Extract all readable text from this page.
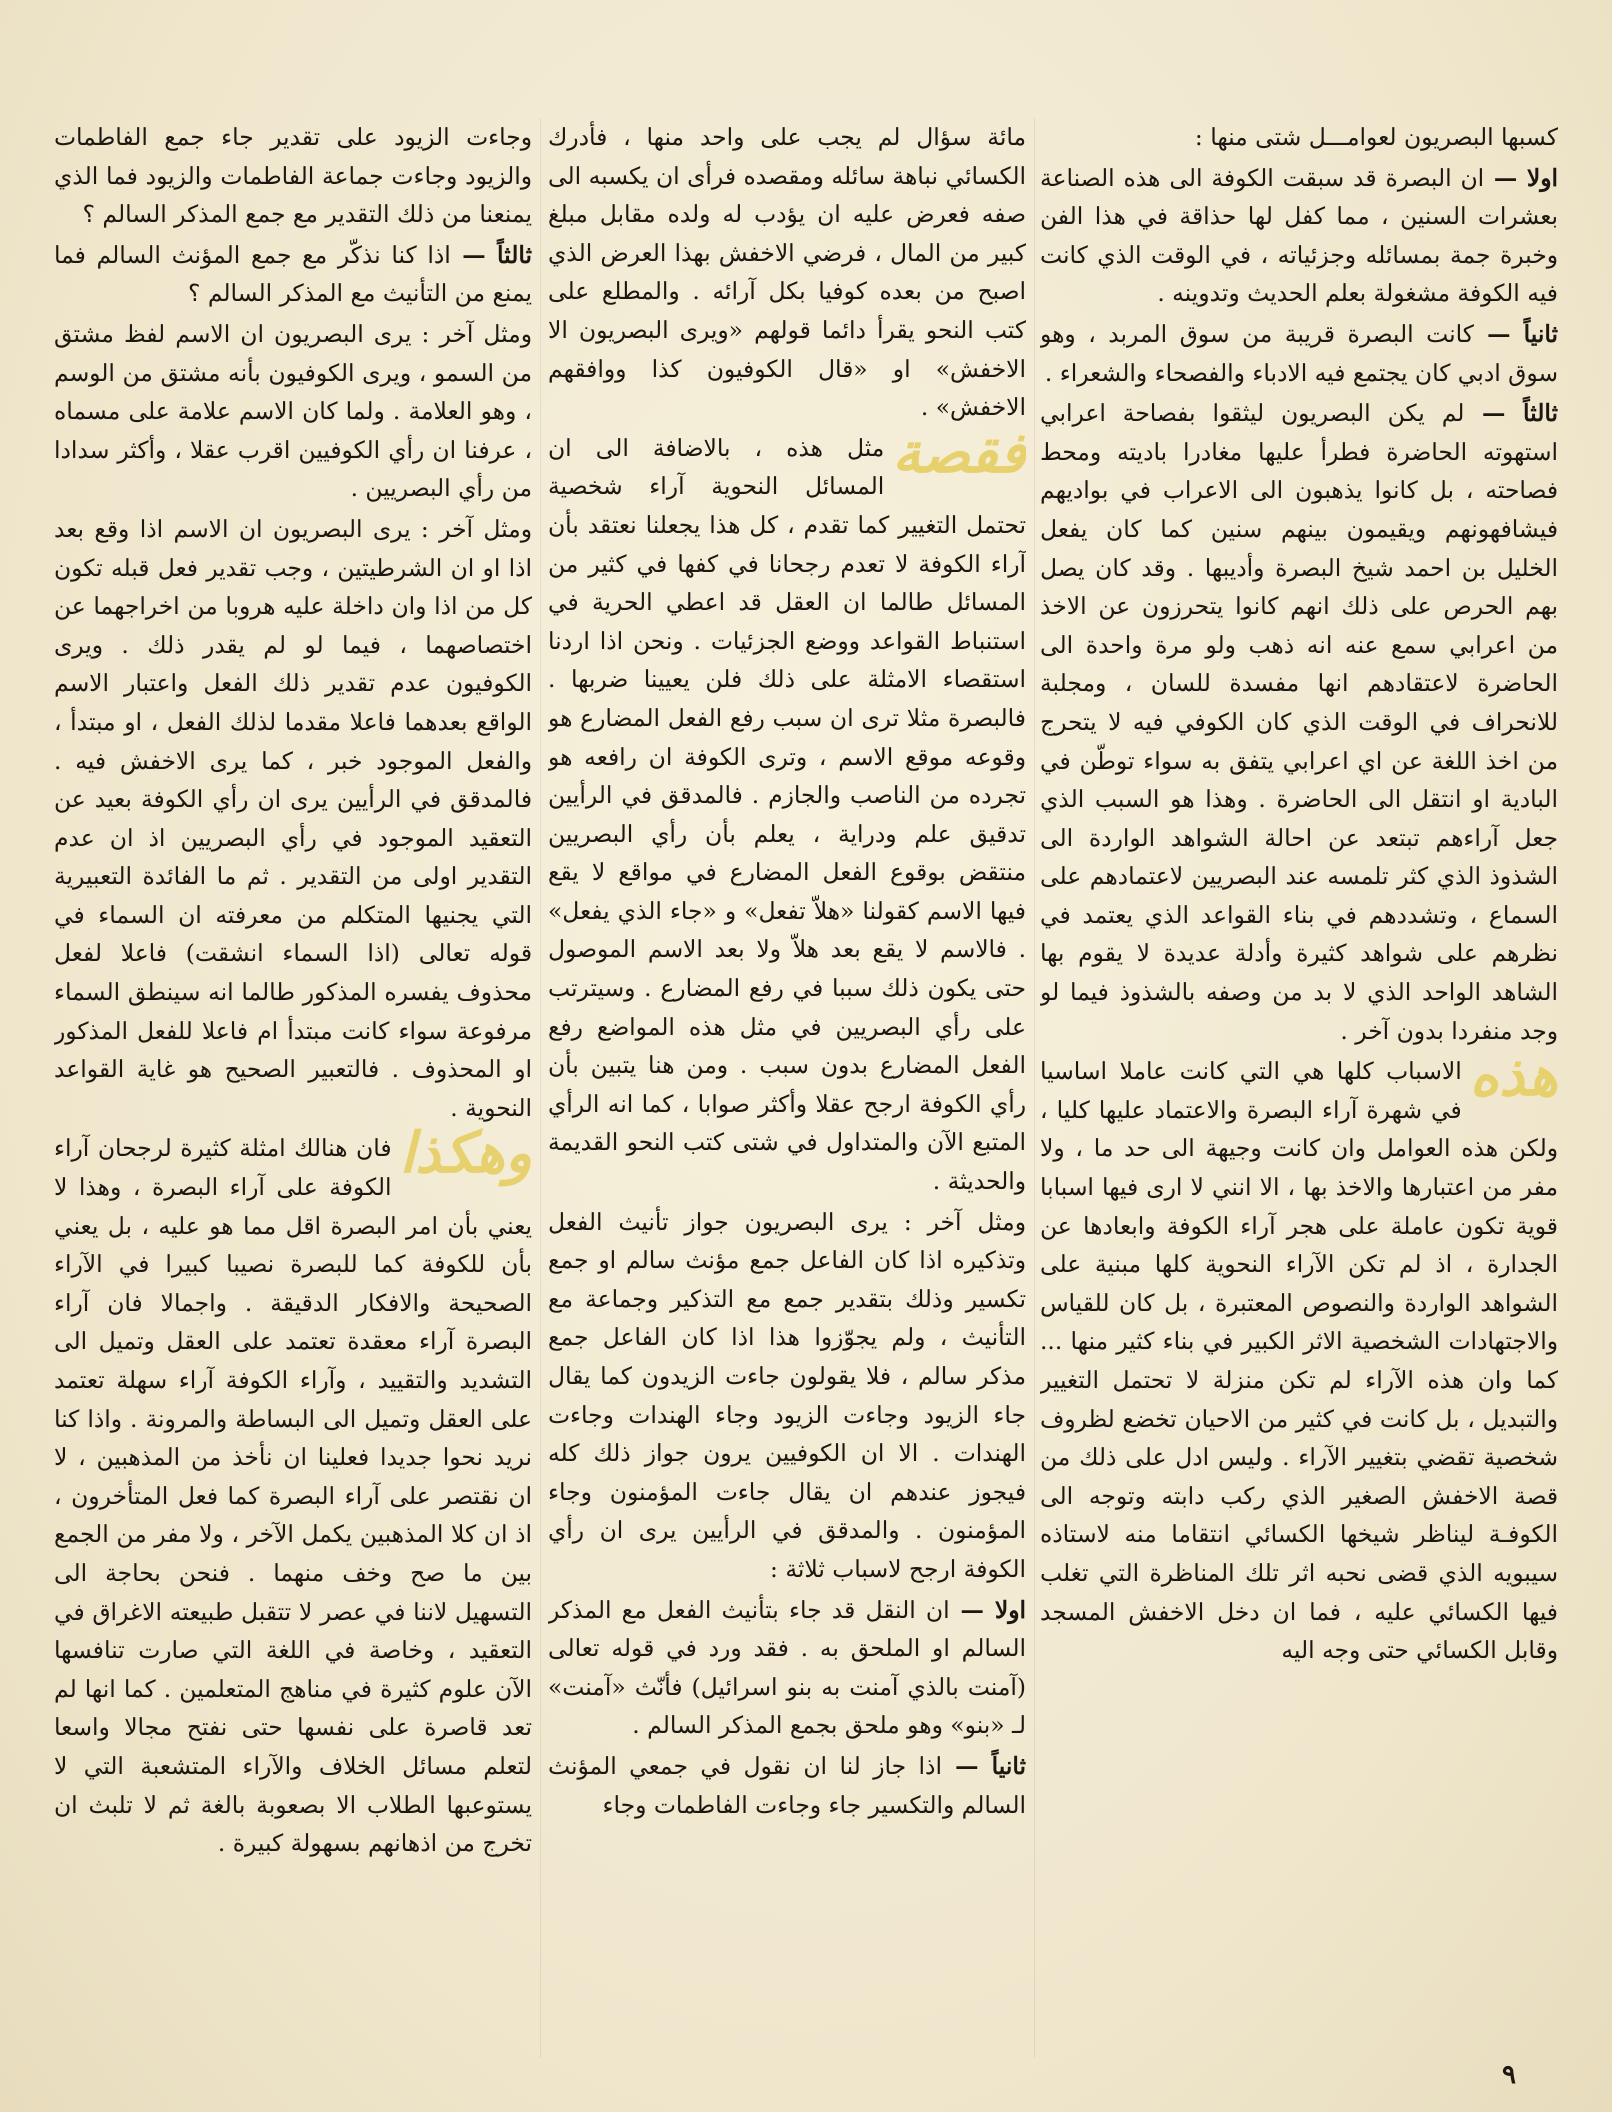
كسبها البصريون لعوامـــل شتى منها :

اولا — ان البصرة قد سبقت الكوفة الى هذه الصناعة بعشرات السنين ، مما كفل لها حذاقة في هذا الفن وخبرة جمة بمسائله وجزئياته ، في الوقت الذي كانت فيه الكوفة مشغولة بعلم الحديث وتدوينه .

ثانياً — كانت البصرة قريبة من سوق المربد ، وهو سوق ادبي كان يجتمع فيه الادباء والفصحاء والشعراء .

ثالثاً — لم يكن البصريون ليثقوا بفصاحة اعرابي استهوته الحاضرة فطرأ عليها مغادرا باديته ومحط فصاحته ، بل كانوا يذهبون الى الاعراب في بواديهم فيشافهونهم ويقيمون بينهم سنين كما كان يفعل الخليل بن احمد شيخ البصرة وأديبها . وقد كان يصل بهم الحرص على ذلك انهم كانوا يتحرزون عن الاخذ من اعرابي سمع عنه انه ذهب ولو مرة واحدة الى الحاضرة لاعتقادهم انها مفسدة للسان ، ومجلبة للانحراف في الوقت الذي كان الكوفي فيه لا يتحرج من اخذ اللغة عن اي اعرابي يتفق به سواء توطّن في البادية او انتقل الى الحاضرة . وهذا هو السبب الذي جعل آراءهم تبتعد عن احالة الشواهد الواردة الى الشذوذ الذي كثر تلمسه عند البصريين لاعتمادهم على السماع ، وتشددهم في بناء القواعد الذي يعتمد في نظرهم على شواهد كثيرة وأدلة عديدة لا يقوم بها الشاهد الواحد الذي لا بد من وصفه بالشذوذ فيما لو وجد منفردا بدون آخر .

هذه
الاسباب كلها هي التي كانت عاملا اساسيا في شهرة آراء البصرة والاعتماد عليها كليا ، ولكن هذه العوامل وان كانت وجيهة الى حد ما ، ولا مفر من اعتبارها والاخذ بها ، الا انني لا ارى فيها اسبابا قوية تكون عاملة على هجر آراء الكوفة وابعادها عن الجدارة ، اذ لم تكن الآراء النحوية كلها مبنية على الشواهد الواردة والنصوص المعتبرة ، بل كان للقياس والاجتهادات الشخصية الاثر الكبير في بناء كثير منها ... كما وان هذه الآراء لم تكن منزلة لا تحتمل التغيير والتبديل ، بل كانت في كثير من الاحيان تخضع لظروف شخصية تقضي بتغيير الآراء . وليس ادل على ذلك من قصة الاخفش الصغير الذي ركب دابته وتوجه الى الكوفـة ليناظر شيخها الكسائي انتقاما منه لاستاذه سيبويه الذي قضى نحبه اثر تلك المناظرة التي تغلب فيها الكسائي عليه ، فما ان دخل الاخفش المسجد وقابل الكسائي حتى وجه اليه

مائة سؤال لم يجب على واحد منها ، فأدرك الكسائي نباهة سائله ومقصده فرأى ان يكسبه الى صفه فعرض عليه ان يؤدب له ولده مقابل مبلغ كبير من المال ، فرضي الاخفش بهذا العرض الذي اصبح من بعده كوفيا بكل آرائه . والمطلع على كتب النحو يقرأ دائما قولهم «ويرى البصريون الا الاخفش» او «قال الكوفيون كذا ووافقهم الاخفش» .

فقصة
مثل هذه ، بالاضافة الى ان المسائل النحوية آراء شخصية تحتمل التغيير كما تقدم ، كل هذا يجعلنا نعتقد بأن آراء الكوفة لا تعدم رجحانا في كفها في كثير من المسائل طالما ان العقل قد اعطي الحرية في استنباط القواعد ووضع الجزئيات . ونحن اذا اردنا استقصاء الامثلة على ذلك فلن يعيينا ضربها . فالبصرة مثلا ترى ان سبب رفع الفعل المضارع هو وقوعه موقع الاسم ، وترى الكوفة ان رافعه هو تجرده من الناصب والجازم . فالمدقق في الرأيين تدقيق علم ودراية ، يعلم بأن رأي البصريين منتقض بوقوع الفعل المضارع في مواقع لا يقع فيها الاسم كقولنا «هلاّ تفعل» و «جاء الذي يفعل» . فالاسم لا يقع بعد هلاّ ولا بعد الاسم الموصول حتى يكون ذلك سببا في رفع المضارع . وسيترتب على رأي البصريين في مثل هذه المواضع رفع الفعل المضارع بدون سبب . ومن هنا يتبين بأن رأي الكوفة ارجح عقلا وأكثر صوابا ، كما انه الرأي المتبع الآن والمتداول في شتى كتب النحو القديمة والحديثة .

ومثل آخر : يرى البصريون جواز تأنيث الفعل وتذكيره اذا كان الفاعل جمع مؤنث سالم او جمع تكسير وذلك بتقدير جمع مع التذكير وجماعة مع التأنيث ، ولم يجوّزوا هذا اذا كان الفاعل جمع مذكر سالم ، فلا يقولون جاءت الزيدون كما يقال جاء الزيود وجاءت الزيود وجاء الهندات وجاءت الهندات . الا ان الكوفيين يرون جواز ذلك كله فيجوز عندهم ان يقال جاءت المؤمنون وجاء المؤمنون . والمدقق في الرأيين يرى ان رأي الكوفة ارجح لاسباب ثلاثة :

اولا — ان النقل قد جاء بتأنيث الفعل مع المذكر السالم او الملحق به . فقد ورد في قوله تعالى (آمنت بالذي آمنت به بنو اسرائيل) فأنّث «آمنت» لـ «بنو» وهو ملحق بجمع المذكر السالم .

ثانياً — اذا جاز لنا ان نقول في جمعي المؤنث السالم والتكسير جاء وجاءت الفاطمات وجاء

وجاءت الزيود على تقدير جاء جمع الفاطمات والزيود وجاءت جماعة الفاطمات والزيود فما الذي يمنعنا من ذلك التقدير مع جمع المذكر السالم ؟

ثالثاً — اذا كنا نذكّر مع جمع المؤنث السالم فما يمنع من التأنيث مع المذكر السالم ؟

ومثل آخر : يرى البصريون ان الاسم لفظ مشتق من السمو ، ويرى الكوفيون بأنه مشتق من الوسم ، وهو العلامة . ولما كان الاسم علامة على مسماه ، عرفنا ان رأي الكوفيين اقرب عقلا ، وأكثر سدادا من رأي البصريين .

ومثل آخر : يرى البصريون ان الاسم اذا وقع بعد اذا او ان الشرطيتين ، وجب تقدير فعل قبله تكون كل من اذا وان داخلة عليه هروبا من اخراجهما عن اختصاصهما ، فيما لو لم يقدر ذلك . ويرى الكوفيون عدم تقدير ذلك الفعل واعتبار الاسم الواقع بعدهما فاعلا مقدما لذلك الفعل ، او مبتدأ ، والفعل الموجود خبر ، كما يرى الاخفش فيه . فالمدقق في الرأيين يرى ان رأي الكوفة بعيد عن التعقيد الموجود في رأي البصريين اذ ان عدم التقدير اولى من التقدير . ثم ما الفائدة التعبيرية التي يجنيها المتكلم من معرفته ان السماء في قوله تعالى (اذا السماء انشقت) فاعلا لفعل محذوف يفسره المذكور طالما انه سينطق السماء مرفوعة سواء كانت مبتدأ ام فاعلا للفعل المذكور او المحذوف . فالتعبير الصحيح هو غاية القواعد النحوية .

وهكذا
فان هنالك امثلة كثيرة لرجحان آراء الكوفة على آراء البصرة ، وهذا لا يعني بأن امر البصرة اقل مما هو عليه ، بل يعني بأن للكوفة كما للبصرة نصيبا كبيرا في الآراء الصحيحة والافكار الدقيقة . واجمالا فان آراء البصرة آراء معقدة تعتمد على العقل وتميل الى التشديد والتقييد ، وآراء الكوفة آراء سهلة تعتمد على العقل وتميل الى البساطة والمرونة . واذا كنا نريد نحوا جديدا فعلينا ان نأخذ من المذهبين ، لا ان نقتصر على آراء البصرة كما فعل المتأخرون ، اذ ان كلا المذهبين يكمل الآخر ، ولا مفر من الجمع بين ما صح وخف منهما . فنحن بحاجة الى التسهيل لاننا في عصر لا تتقبل طبيعته الاغراق في التعقيد ، وخاصة في اللغة التي صارت تنافسها الآن علوم كثيرة في مناهج المتعلمين . كما انها لم تعد قاصرة على نفسها حتى نفتح مجالا واسعا لتعلم مسائل الخلاف والآراء المتشعبة التي لا يستوعبها الطلاب الا بصعوبة بالغة ثم لا تلبث ان تخرج من اذهانهم بسهولة كبيرة .

٩
